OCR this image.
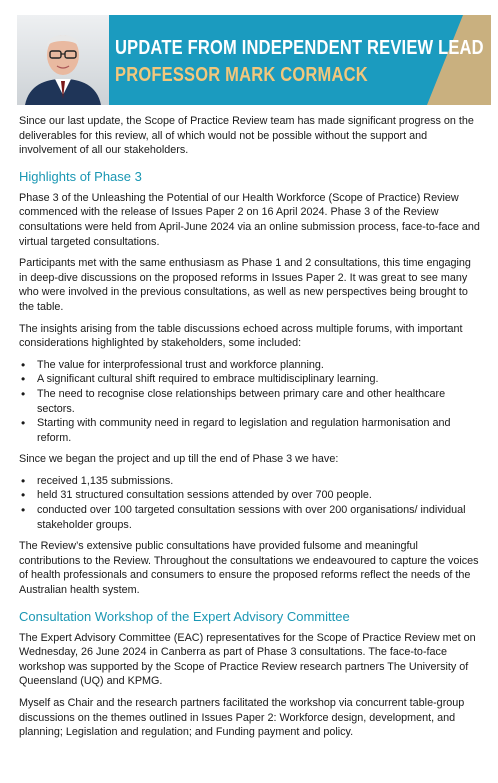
UPDATE FROM INDEPENDENT REVIEW LEAD
PROFESSOR MARK CORMACK

Since our last update, the Scope of Practice Review team has made significant progress on the deliverables for this review, all of which would not be possible without the support and involvement of all our stakeholders.

Highlights of Phase 3

Phase 3 of the Unleashing the Potential of our Health Workforce (Scope of Practice) Review commenced with the release of Issues Paper 2 on 16 April 2024. Phase 3 of the Review consultations were held from April-June 2024 via an online submission process, face-to-face and virtual targeted consultations.

Participants met with the same enthusiasm as Phase 1 and 2 consultations, this time engaging in deep-dive discussions on the proposed reforms in Issues Paper 2. It was great to see many who were involved in the previous consultations, as well as new perspectives being brought to the table.

The insights arising from the table discussions echoed across multiple forums, with important considerations highlighted by stakeholders, some included:

• The value for interprofessional trust and workforce planning.
• A significant cultural shift required to embrace multidisciplinary learning.
• The need to recognise close relationships between primary care and other healthcare sectors.
• Starting with community need in regard to legislation and regulation harmonisation and reform.

Since we began the project and up till the end of Phase 3 we have:

• received 1,135 submissions.
• held 31 structured consultation sessions attended by over 700 people.
• conducted over 100 targeted consultation sessions with over 200 organisations/ individual stakeholder groups.

The Review’s extensive public consultations have provided fulsome and meaningful contributions to the Review. Throughout the consultations we endeavoured to capture the voices of health professionals and consumers to ensure the proposed reforms reflect the needs of the Australian health system.

Consultation Workshop of the Expert Advisory Committee

The Expert Advisory Committee (EAC) representatives for the Scope of Practice Review met on Wednesday, 26 June 2024 in Canberra as part of Phase 3 consultations. The face-to-face workshop was supported by the Scope of Practice Review research partners The University of Queensland (UQ) and KPMG.

Myself as Chair and the research partners facilitated the workshop via concurrent table-group discussions on the themes outlined in Issues Paper 2: Workforce design, development, and planning; Legislation and regulation; and Funding payment and policy.
